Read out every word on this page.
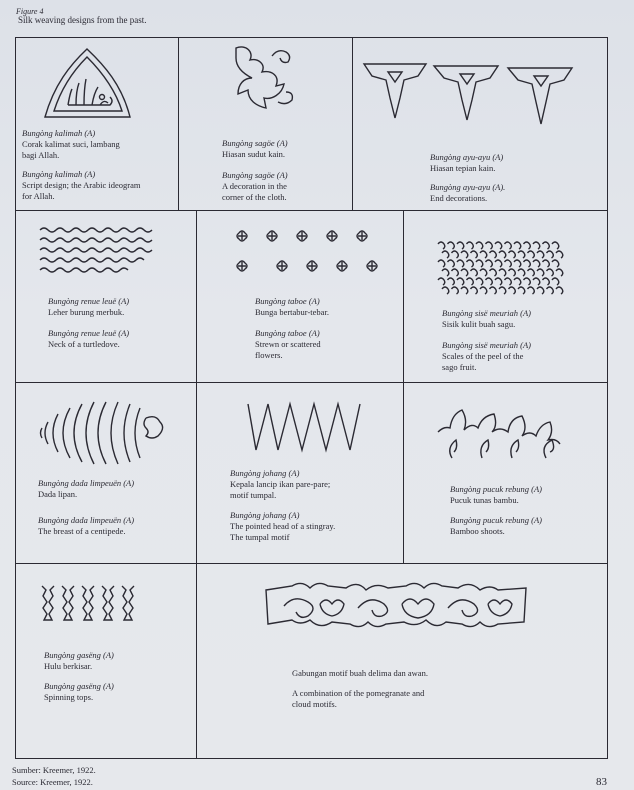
Figure 4
Silk weaving designs from the past.
Bungòng kalimah (A)
Corak kalimat suci, lambang
bagi Allah.
Bungòng kalimah (A)
Script design; the Arabic ideogram
for Allah.
Bungòng sagöe (A)
Hiasan sudut kain.
Bungòng sagöe (A)
A decoration in the
corner of the cloth.
Bungòng ayu-ayu (A)
Hiasan tepian kain.
Bungòng ayu-ayu (A).
End decorations.
Bungòng renue leuë (A)
Leher burung merbuk.
Bungòng renue leuë (A)
Neck of a turtledove.
Bungòng taboe (A)
Bunga bertabur-tebar.
Bungòng taboe (A)
Strewn or scattered
flowers.
Bungòng sisë meuriah (A)
Sisik kulit buah sagu.
Bungòng sisë meuriah (A)
Scales of the peel of the
sago fruit.
Bungòng dada limpeuën (A)
Dada lipan.
Bungòng dada limpeuën (A)
The breast of a centipede.
Bungòng johang (A)
Kepala lancip ikan pare-pare;
motif tumpal.
Bungòng johang (A)
The pointed head of a stingray.
The tumpal motif
Bungòng pucuk rebung (A)
Pucuk tunas bambu.
Bungòng pucuk rebung (A)
Bamboo shoots.
Bungòng gasëng (A)
Hulu berkisar.
Bungòng gasëng (A)
Spinning tops.
Gabungan motif buah delima dan awan.
A combination of the pomegranate and
cloud motifs.
Sumber: Kreemer, 1922.
Source: Kreemer, 1922.	83
